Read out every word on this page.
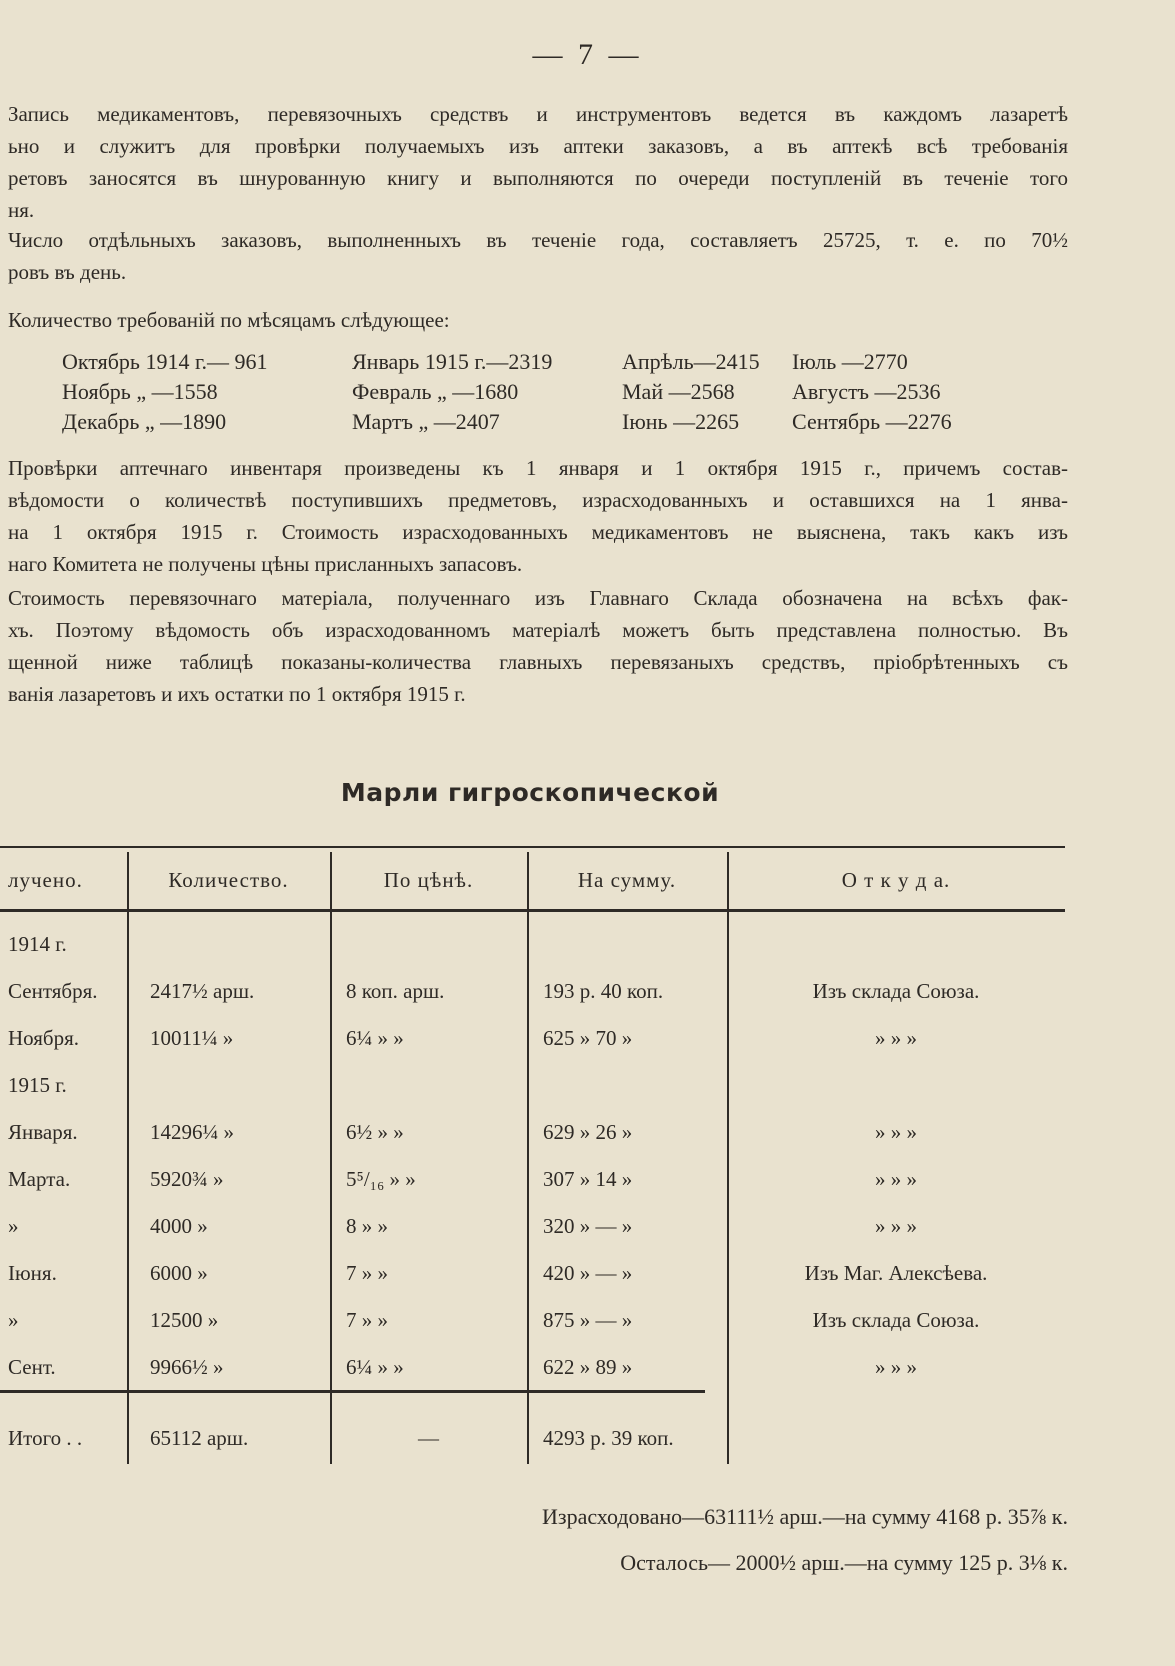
— 7 —
Запись медикаментовъ, перевязочныхъ средствъ и инструментовъ ведется въ каждомъ лазаретѣ
ьно и служитъ для провѣрки получаемыхъ изъ аптеки заказовъ, а въ аптекѣ всѣ требованія
ретовъ заносятся въ шнурованную книгу и выполняются по очереди поступленій въ теченіе того
ня.
Число отдѣльныхъ заказовъ, выполненныхъ въ теченіе года, составляетъ 25725, т. е. по 70½
ровъ въ день.
Количество требованій по мѣсяцамъ слѣдующее:
Октябрь 1914 г.— 961	Январь 1915 г.—2319	Апрѣль—2415	Іюль —2770
Ноябрь „ —1558	Февраль „ —1680	Май —2568	Августъ —2536
Декабрь „ —1890	Мартъ „ —2407	Іюнь —2265	Сентябрь —2276
Провѣрки аптечнаго инвентаря произведены къ 1 января и 1 октября 1915 г., причемъ состав-
вѣдомости о количествѣ поступившихъ предметовъ, израсходованныхъ и оставшихся на 1 янва-
на 1 октября 1915 г. Стоимость израсходованныхъ медикаментовъ не выяснена, такъ какъ изъ
наго Комитета не получены цѣны присланныхъ запасовъ.
Стоимость перевязочнаго матеріала, полученнаго изъ Главнаго Склада обозначена на всѣхъ фак-
хъ. Поэтому вѣдомость объ израсходованномъ матеріалѣ можетъ быть представлена полностью. Въ
щенной ниже таблицѣ показаны-количества главныхъ перевязаныхъ средствъ, пріобрѣтенныхъ съ
ванія лазаретовъ и ихъ остатки по 1 октября 1915 г.
Марли гигроскопической
лучено.	Количество.	По цѣнѣ.	На сумму.	О т к у д а.
1914 г.
Сентября.	2417½ арш.	8 коп. арш.	193 р. 40 коп.	Изъ склада Союза.
Ноября.	10011¼ »	6¼ » »	625 » 70 »	» » »
1915 г.
Января.	14296¼ »	6½ » »	629 » 26 »	» » »
Марта.	5920¾ »	5⁵/₁₆ » »	307 » 14 »	» » »
»	4000 »	8 » »	320 » — »	» » »
Іюня.	6000 »	7 » »	420 » — »	Изъ Маг. Алексѣева.
»	12500 »	7 » »	875 » — »	Изъ склада Союза.
Сент.	9966½ »	6¼ » »	622 » 89 »	» » »
Итого . .	65112 арш.	—	4293 р. 39 коп.
Израсходовано—63111½ арш.—на сумму 4168 р. 35⅞ к.
Осталось— 2000½ арш.—на сумму 125 р. 3⅛ к.
